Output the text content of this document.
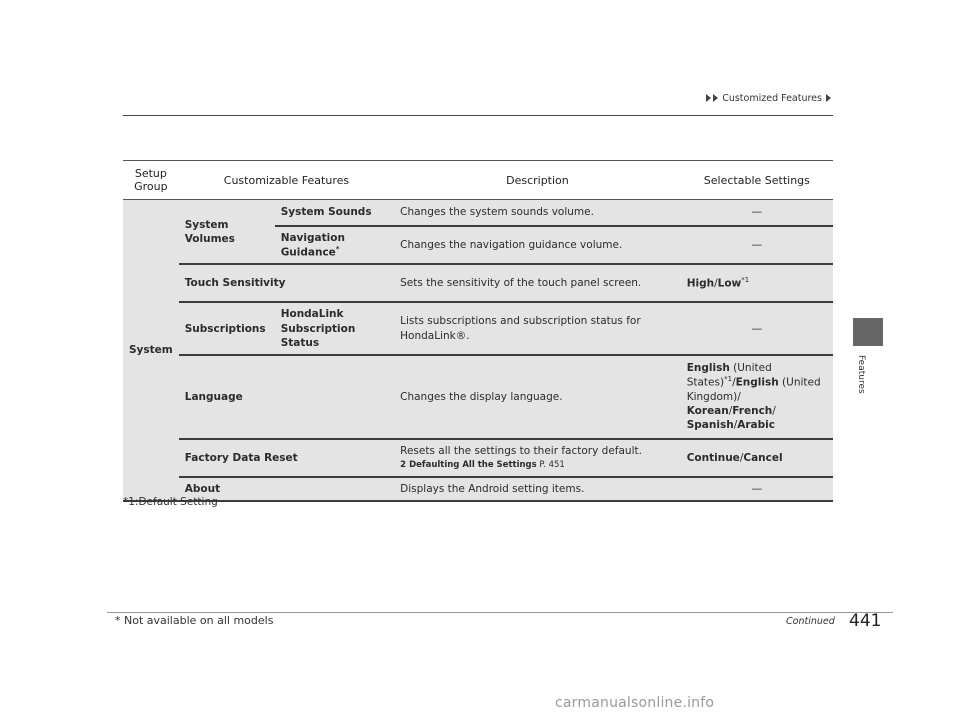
Customized Features
Features
Setup Group	Customizable Features		Description	Selectable Settings
System	System Volumes	System Sounds	Changes the system sounds volume.	—
		Navigation Guidance*	Changes the navigation guidance volume.	—
	Touch Sensitivity		Sets the sensitivity of the touch panel screen.	High/Low$^{*1}$
	Subscriptions	HondaLink Subscription Status	Lists subscriptions and subscription status for HondaLink®.	—
	Language		Changes the display language.	English (United States)$^{*1}$/English (United Kingdom)/
Korean/French/
Spanish/Arabic
	Factory Data Reset		Resets all the settings to their factory default.
2 Defaulting All the Settings P. 451	Continue/Cancel
	About		Displays the Android setting items.	—
*1:Default Setting
Continued 441
* Not available on all models
carmanualsonline.info
